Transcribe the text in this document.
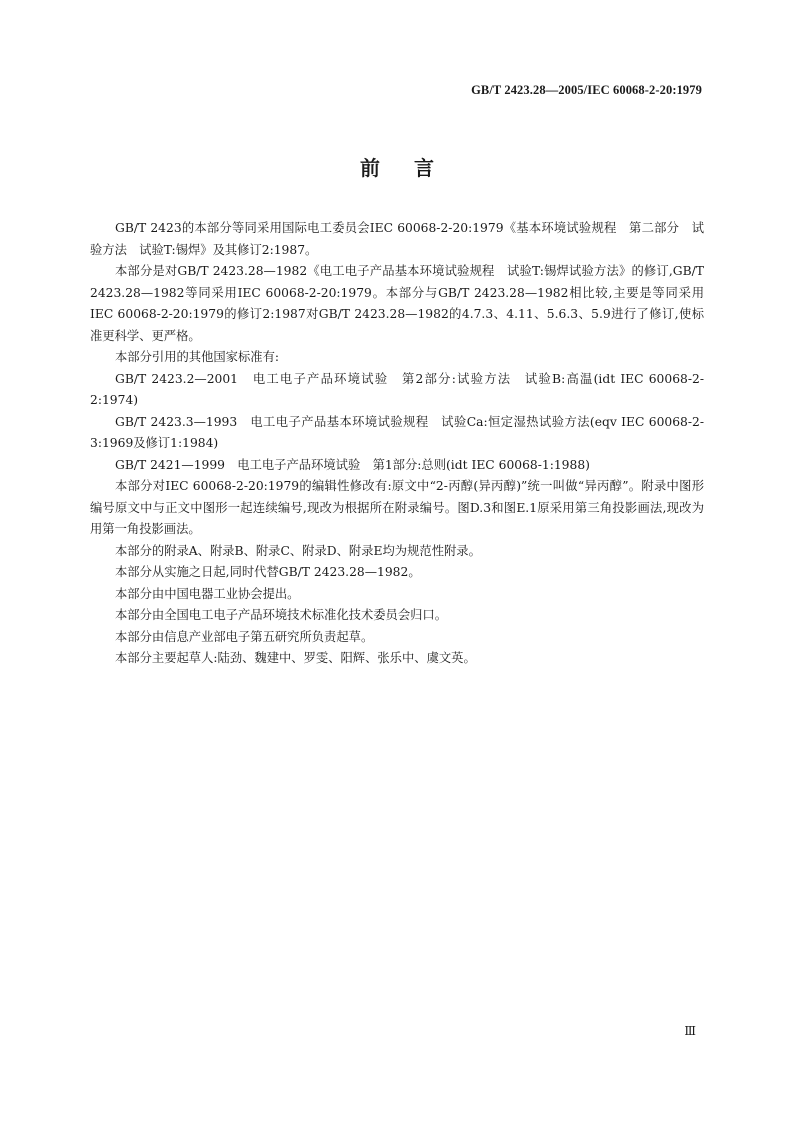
GB/T 2423.28—2005/IEC 60068-2-20:1979
前言

GB/T 2423的本部分等同采用国际电工委员会IEC 60068-2-20:1979《基本环境试验规程　第二部分　试验方法　试验T:锡焊》及其修订2:1987。

本部分是对GB/T 2423.28—1982《电工电子产品基本环境试验规程　试验T:锡焊试验方法》的修订,GB/T 2423.28—1982等同采用IEC 60068-2-20:1979。本部分与GB/T 2423.28—1982相比较,主要是等同采用IEC 60068-2-20:1979的修订2:1987对GB/T 2423.28—1982的4.7.3、4.11、5.6.3、5.9进行了修订,使标准更科学、更严格。

本部分引用的其他国家标准有:

GB/T 2423.2—2001　电工电子产品环境试验　第2部分:试验方法　试验B:高温(idt IEC 60068-2-2:1974)

GB/T 2423.3—1993　电工电子产品基本环境试验规程　试验Ca:恒定湿热试验方法(eqv IEC 60068-2-3:1969及修订1:1984)

GB/T 2421—1999　电工电子产品环境试验　第1部分:总则(idt IEC 60068-1:1988)

本部分对IEC 60068-2-20:1979的编辑性修改有:原文中“2-丙醇(异丙醇)”统一叫做“异丙醇”。附录中图形编号原文中与正文中图形一起连续编号,现改为根据所在附录编号。图D.3和图E.1原采用第三角投影画法,现改为用第一角投影画法。

本部分的附录A、附录B、附录C、附录D、附录E均为规范性附录。

本部分从实施之日起,同时代替GB/T 2423.28—1982。

本部分由中国电器工业协会提出。

本部分由全国电工电子产品环境技术标准化技术委员会归口。

本部分由信息产业部电子第五研究所负责起草。

本部分主要起草人:陆劲、魏建中、罗雯、阳辉、张乐中、虞文英。

Ⅲ
